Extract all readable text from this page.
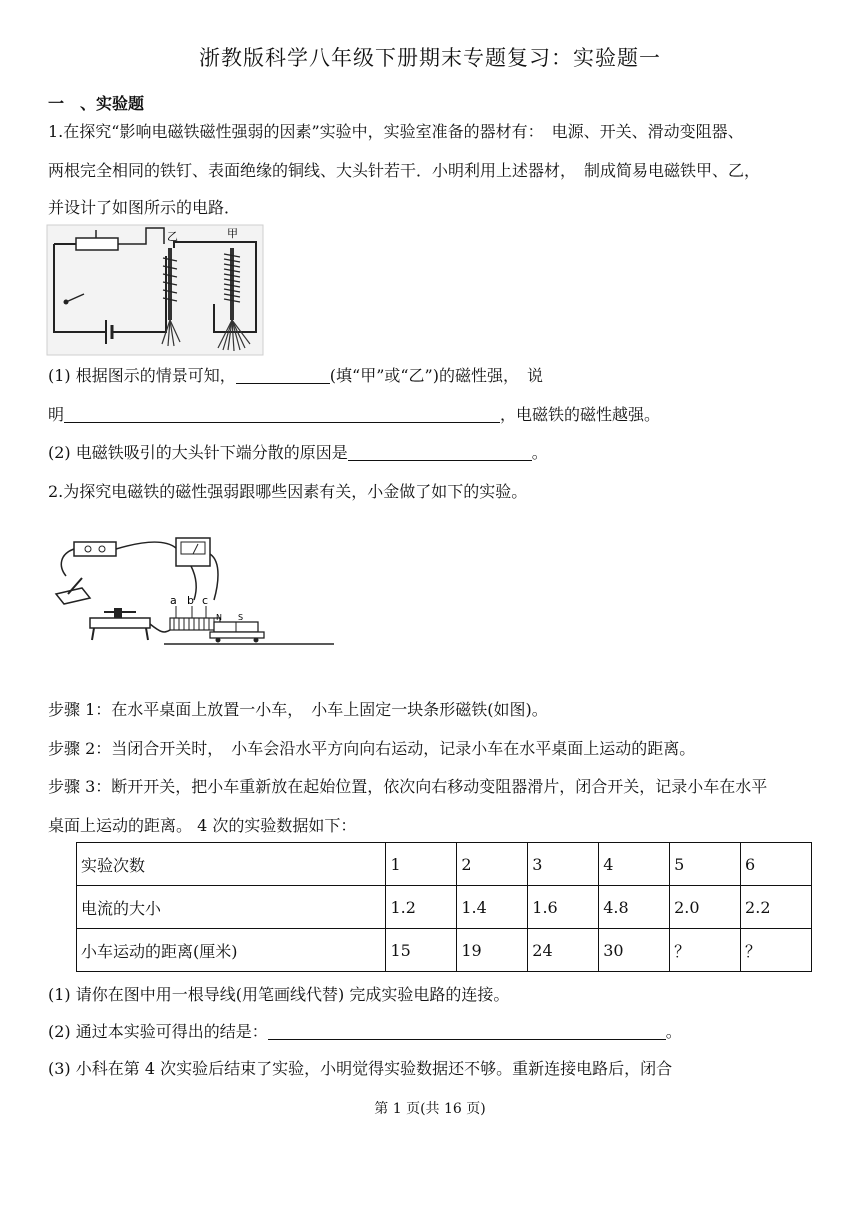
浙教版科学八年级下册期末专题复习：实验题一
一　、实验题
1.在探究“影响电磁铁磁性强弱的因素”实验中，实验室准备的器材有：　电源、开关、滑动变阻器、
两根完全相同的铁钉、表面绝缘的铜线、大头针若干．小明利用上述器材，　制成简易电磁铁甲、乙，
并设计了如图所示的电路．
乙	甲
(1) 根据图示的情景可知，	(填“甲”或“乙”)的磁性强，　说
明	，电磁铁的磁性越强。
(2) 电磁铁吸引的大头针下端分散的原因是	。
2.为探究电磁铁的磁性强弱跟哪些因素有关，小金做了如下的实验。
a b c
N S
步骤 1：在水平桌面上放置一小车，　小车上固定一块条形磁铁(如图)。
步骤 2：当闭合开关时，　小车会沿水平方向向右运动，记录小车在水平桌面上运动的距离。
步骤 3：断开开关，把小车重新放在起始位置，依次向右移动变阻器滑片，闭合开关，记录小车在水平
桌面上运动的距离。 4 次的实验数据如下：
实验次数	1	2	3	4	5	6
电流的大小	1.2	1.4	1.6	4.8	2.0	2.2
小车运动的距离(厘米)	15	19	24	30	？	？
(1) 请你在图中用一根导线(用笔画线代替) 完成实验电路的连接。
(2) 通过本实验可得出的结是：	。
(3) 小科在第 4 次实验后结束了实验，小明觉得实验数据还不够。重新连接电路后，闭合
第 1 页(共 16 页)
